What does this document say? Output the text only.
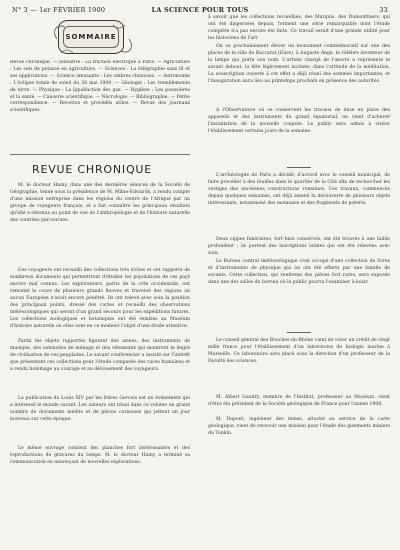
N° 3 — 1er FÉVRIER 1900	LA SCIENCE POUR TOUS	33
SOMMAIRE
Revue chronique. — Industrie : La traction électrique à Paris. — Agriculture : Les sels de potasse en agriculture. — Sciences : La télégraphie sans fil et ses applications. — Science amusante : Les ombres chinoises. — Astronomie : L'éclipse totale de soleil du 28 mai 1900. — Géologie : Les tremblements de terre. — Physique : La liquéfaction des gaz. — Hygiène : Les poussières et la santé. — Causerie scientifique. — Nécrologie. — Bibliographie. — Petite correspondance. — Recettes et procédés utiles. — Revue des journaux scientifiques.
REVUE CHRONIQUE

M. le docteur Hamy, dans une des dernières séances de la Société de Géographie, tenue sous la présidence de M. Milne-Edwards, a rendu compte d'une mission entreprise dans les régions du centre de l'Afrique par un groupe de voyageurs français, et a fait connaître les principaux résultats qu'elle a obtenus au point de vue de l'anthropologie et de l'histoire naturelle des contrées parcourues.

Ces voyageurs ont recueilli des collections très riches et ont rapporté de nombreux documents qui permettront d'étudier les populations de ces pays encore mal connus. Les explorateurs, partis de la côte occidentale, ont remonté le cours de plusieurs grands fleuves et traversé des régions où aucun Européen n'avait encore pénétré. Ils ont relevé avec soin la position des principaux points, dressé des cartes et recueilli des observations météorologiques qui seront d'un grand secours pour les expéditions futures. Les collections zoologiques et botaniques ont été remises au Muséum d'histoire naturelle où elles sont en ce moment l'objet d'une étude attentive.

Parmi les objets rapportés figurent des armes, des instruments de musique, des ustensiles de ménage et des vêtements qui montrent le degré de civilisation de ces peuplades. Le savant conférencier a insisté sur l'intérêt que présentent ces collections pour l'étude comparée des races humaines et a rendu hommage au courage et au dévouement des voyageurs.

La publication du Louis XIV par les frères Gervais est un événement qui a intéressé le monde savant. Les auteurs ont réuni dans ce volume un grand nombre de documents inédits et de pièces curieuses qui jettent un jour nouveau sur cette époque.

Le même ouvrage contient des planches fort intéressantes et des reproductions de gravures du temps. M. le docteur Hamy a terminé sa communication en annonçant de nouvelles explorations.

à savoir que les collections recueillies, des Marquis, des Dumonthiers, qui ont été dispersées depuis, forment une série remarquable dont l'étude complète n'a pas encore été faite. Ce travail serait d'une grande utilité pour les historiens de l'art.

On va prochainement élever un monument commémoratif sur une des places de la ville de Baccarat (Eure), à Auguste Ange, le célèbre inventeur de la lampe qui porte son nom. L'artiste chargé de l'œuvre a représenté le savant debout, la tête légèrement inclinée, dans l'attitude de la méditation. La souscription ouverte à cet effet a déjà réuni des sommes importantes, et l'inauguration aura lieu au printemps prochain en présence des autorités.

A l'Observatoire où se conservent les travaux de mise en place des appareils et des instruments du grand équatorial, on vient d'achever l'installation de la nouvelle coupole. Le public sera admis à visiter l'établissement certains jours de la semaine.

L'archéologue de Paris a décidé, d'accord avec le conseil municipal, de faire procéder à des fouilles dans le quartier de la Cité afin de rechercher les vestiges des anciennes constructions romaines. Ces travaux, commencés depuis quelques semaines, ont déjà amené la découverte de plusieurs objets intéressants, notamment des monnaies et des fragments de poterie.

Deux cippes funéraires, fort bien conservés, ont été trouvés à une faible profondeur ; ils portent des inscriptions latines qui ont été relevées avec soin.

Le Bureau central météorologique s'est occupé d'une collection de livres et d'instruments de physique qui lui ont été offerts par une famille de savants. Cette collection, qui renferme des pièces fort rares, sera exposée dans une des salles du bureau où le public pourra l'examiner à loisir.

Le conseil général des Bouches-du-Rhône vient de voter un crédit de vingt mille francs pour l'établissement d'un laboratoire de biologie marine à Marseille. Ce laboratoire sera placé sous la direction d'un professeur de la Faculté des sciences.

M. Albert Gaudry, membre de l'Institut, professeur au Muséum, vient d'être élu président de la Société géologique de France pour l'année 1900.

M. Dupont, ingénieur des mines, attaché au service de la carte géologique, vient de recevoir une mission pour l'étude des gisements miniers du Tonkin.
